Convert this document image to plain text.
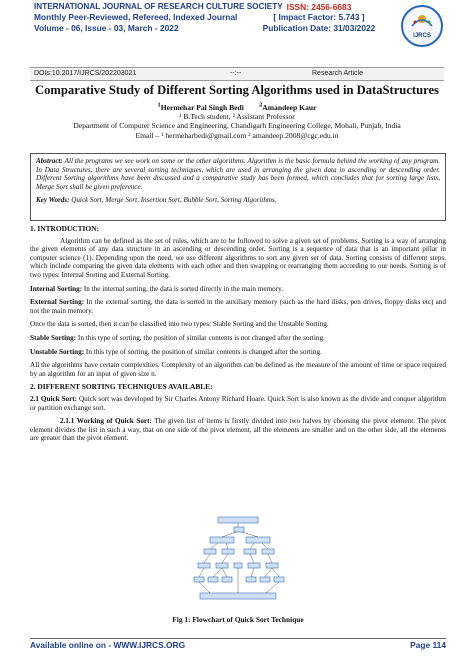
INTERNATIONAL JOURNAL OF RESEARCH CULTURE SOCIETY
Monthly Peer-Reviewed, Refereed, Indexed Journal
Volume - 06, Issue - 03, March - 2022
ISSN: 2456-6683
[ Impact Factor: 5.743 ]
Publication Date: 31/03/2022
IJRCS
DOIs:10.2017/IJRCS/202203021	--:--	Research Article
Comparative Study of Different Sorting Algorithms used in DataStructures
$^1$Hermehar Pal Singh Bedi $^2$Amandeep Kaur
¹ B.Tech student, ² Assistant Professor
Department of Computer Science and Engineering, Chandigarh Engineering College, Mohali, Punjab, India
Email – ¹ hermeharbedi@gmail.com ² amandeep.2008@cgc.edu.in

Abstract: All the programs we see work on some or the other algorithms. Algorithm is the basic formula behind the working of any program. In Data Structures, there are several sorting techniques, which are used in arranging the given data in ascending or descending order. Different Sorting algorithms have been discussed and a comparative study has been formed, which concludes that for sorting large lists, Merge Sort shall be given preference.

Key Words: Quick Sort, Merge Sort, Insertion Sort, Bubble Sort, Sorting Algorithms.

1. INTRODUCTION:

Algorithm can be defined as the set of rules, which are to be followed to solve a given set of problems. Sorting is a way of arranging the given elements of any data structure in an ascending or descending order. Sorting is a sequence of data that is an important pillar in computer science (1). Depending upon the need, we use different algorithms to sort any given set of data. Sorting consists of different steps, which include comparing the given data elements with each other and then swapping or rearranging them according to our needs. Sorting is of two types: Internal Sorting and External Sorting.

Internal Sorting: In the internal sorting, the data is sorted directly in the main memory.

External Sorting: In the external sorting, the data is sorted in the auxiliary memory (such as the hard disks, pen drives, floppy disks etc) and not the main memory.

Once the data is sorted, then it can be classified into two types: Stable Sorting and the Unstable Sorting.

Stable Sorting: In this type of sorting, the position of similar contents is not changed after the sorting.

Unstable Sorting: In this type of sorting, the position of similar contents is changed after the sorting.

All the algorithms have certain complexities. Complexity of an algorithm can be defined as the measure of the amount of time or space required by an algorithm for an input of given size n.

2. DIFFERENT SORTING TECHNIQUES AVAILABLE:

2.1 Quick Sort: Quick sort was developed by Sir Charles Antony Richard Hoare. Quick Sort is also known as the divide and conquer algorithm or partition exchange sort.

2.1.1 Working of Quick Sort: The given list of items is firstly divided into two halves by choosing the pivot element. The pivot element divides the list in such a way, that on one side of the pivot element, all the elements are smaller and on the other side, all the elements are greater than the pivot element.

Fig 1: Flowchart of Quick Sort Technique
Available online on - WWW.IJRCS.ORG	Page 114
